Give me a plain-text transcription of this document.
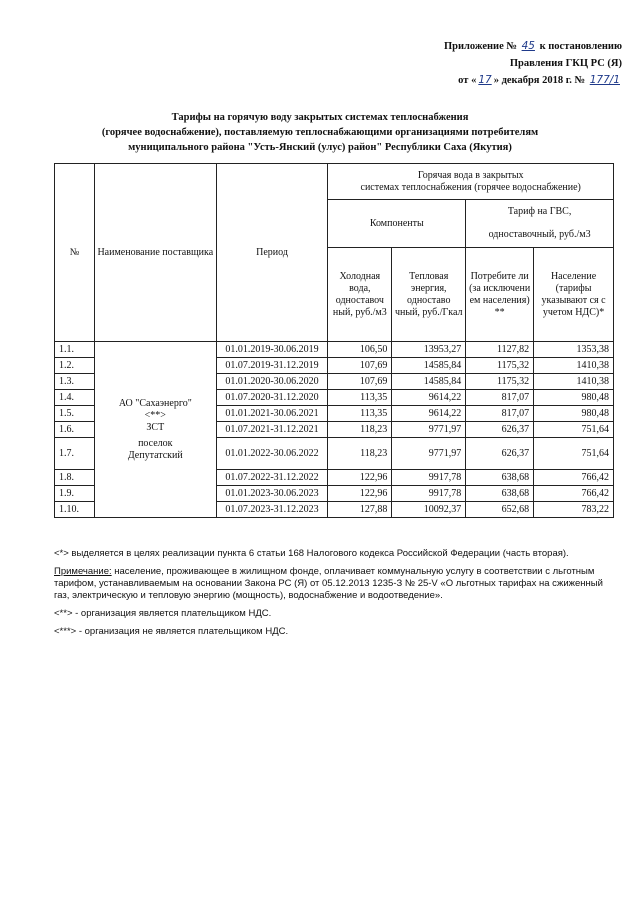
Приложение № 45 к постановлению
Правления ГКЦ РС (Я)
от « 17 » декабря 2018 г. № 177/1
Тарифы на горячую воду закрытых системах теплоснабжения
(горячее водоснабжение), поставляемую теплоснабжающими организациями потребителям
муниципального района "Усть-Янский (улус) район" Республики Саха (Якутия)
№	Наименование поставщика	Период	Горячая вода в закрытых
системах теплоснабжения (горячее водоснабжение)			

			Компоненты		Тариф на ГВС,	
					одноставочный, руб./м3	
			Холодная вода, одноставоч ный, руб./м3	Тепловая энергия, одноставо чный, руб./Гкал	Потребите ли (за исключени ем населения) **	Население (тарифы указывают ся с учетом НДС)*
1.1.	АО "Сахаэнерго"
<**>
ЗСТ
поселок
Депутатский	01.01.2019-30.06.2019	106,50	13953,27	1127,82	1353,38
1.2.		01.07.2019-31.12.2019	107,69	14585,84	1175,32	1410,38
1.3.		01.01.2020-30.06.2020	107,69	14585,84	1175,32	1410,38
1.4.		01.07.2020-31.12.2020	113,35	9614,22	817,07	980,48
1.5.		01.01.2021-30.06.2021	113,35	9614,22	817,07	980,48
1.6.		01.07.2021-31.12.2021	118,23	9771,97	626,37	751,64
1.7.		01.01.2022-30.06.2022	118,23	9771,97	626,37	751,64
1.8.		01.07.2022-31.12.2022	122,96	9917,78	638,68	766,42
1.9.		01.01.2023-30.06.2023	122,96	9917,78	638,68	766,42
1.10.		01.07.2023-31.12.2023	127,88	10092,37	652,68	783,22

<*> выделяется в целях реализации пункта 6 статьи 168 Налогового кодекса Российской Федерации (часть вторая).

Примечание: население, проживающее в жилищном фонде, оплачивает коммунальную услугу в соответствии с льготным тарифом, устанавливаемым на основании Закона РС (Я) от 05.12.2013 1235-З № 25-V «О льготных тарифах на сжиженный газ, электрическую и тепловую энергию (мощность), водоснабжение и водоотведение».

<**> - организация является плательщиком НДС.

<***> - организация не является плательщиком НДС.
